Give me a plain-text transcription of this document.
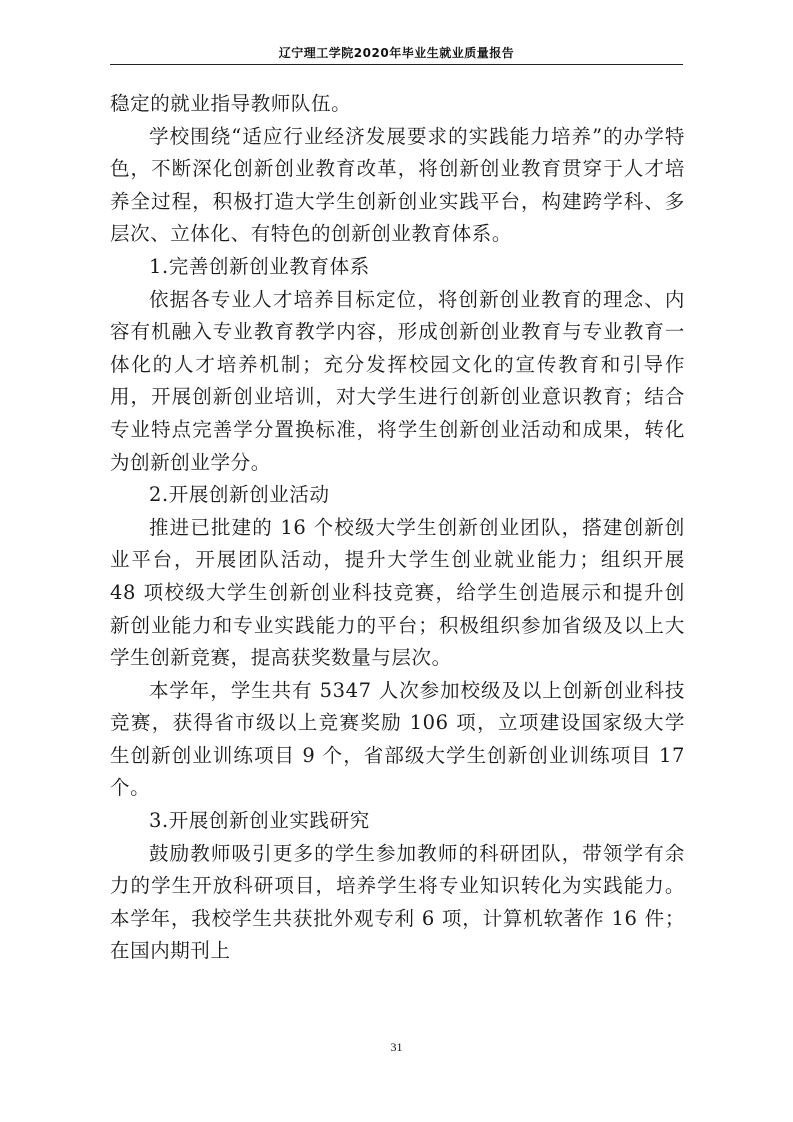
辽宁理工学院2020年毕业生就业质量报告

稳定的就业指导教师队伍。

学校围绕“适应行业经济发展要求的实践能力培养”的办学特色，不断深化创新创业教育改革，将创新创业教育贯穿于人才培养全过程，积极打造大学生创新创业实践平台，构建跨学科、多层次、立体化、有特色的创新创业教育体系。

1.完善创新创业教育体系

依据各专业人才培养目标定位，将创新创业教育的理念、内容有机融入专业教育教学内容，形成创新创业教育与专业教育一体化的人才培养机制；充分发挥校园文化的宣传教育和引导作用，开展创新创业培训，对大学生进行创新创业意识教育；结合专业特点完善学分置换标准，将学生创新创业活动和成果，转化为创新创业学分。

2.开展创新创业活动

推进已批建的 16 个校级大学生创新创业团队，搭建创新创业平台，开展团队活动，提升大学生创业就业能力；组织开展 48 项校级大学生创新创业科技竞赛，给学生创造展示和提升创新创业能力和专业实践能力的平台；积极组织参加省级及以上大学生创新竞赛，提高获奖数量与层次。

本学年，学生共有 5347 人次参加校级及以上创新创业科技竞赛，获得省市级以上竞赛奖励 106 项，立项建设国家级大学生创新创业训练项目 9 个，省部级大学生创新创业训练项目 17 个。

3.开展创新创业实践研究

鼓励教师吸引更多的学生参加教师的科研团队，带领学有余力的学生开放科研项目，培养学生将专业知识转化为实践能力。本学年，我校学生共获批外观专利 6 项，计算机软著作 16 件；在国内期刊上

31
